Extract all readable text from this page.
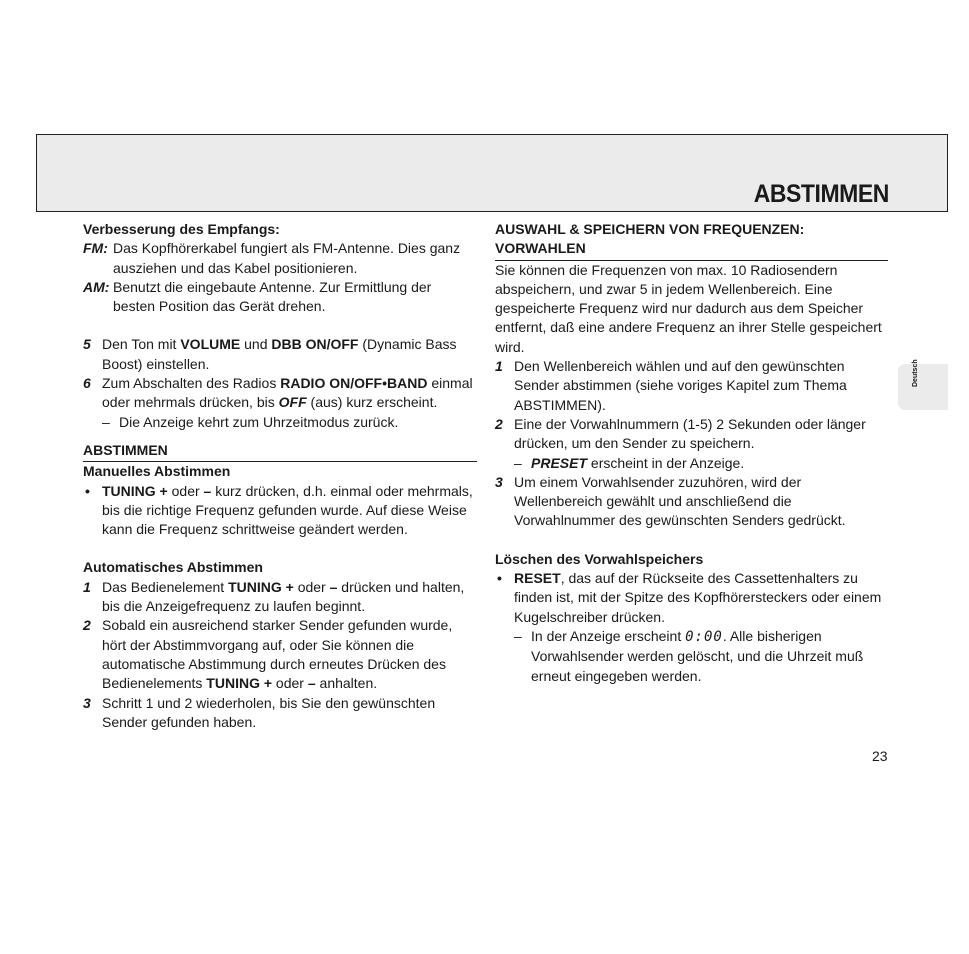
ABSTIMMEN
Deutsch

Verbesserung des Empfangs:

FM: Das Kopfhörerkabel fungiert als FM-Antenne. Dies ganz ausziehen und das Kabel positionieren.

AM: Benutzt die eingebaute Antenne. Zur Ermittlung der besten Position das Gerät drehen.

5 Den Ton mit VOLUME und DBB ON/OFF (Dynamic Bass Boost) einstellen.

6 Zum Abschalten des Radios RADIO ON/OFF•BAND einmal oder mehrmals drücken, bis OFF (aus) kurz erscheint.

– Die Anzeige kehrt zum Uhrzeitmodus zurück.

ABSTIMMEN

Manuelles Abstimmen

• TUNING + oder – kurz drücken, d.h. einmal oder mehrmals, bis die richtige Frequenz gefunden wurde. Auf diese Weise kann die Frequenz schrittweise geändert werden.

Automatisches Abstimmen

1 Das Bedienelement TUNING + oder – drücken und halten, bis die Anzeigefrequenz zu laufen beginnt.

2 Sobald ein ausreichend starker Sender gefunden wurde, hört der Abstimmvorgang auf, oder Sie können die automatische Abstimmung durch erneutes Drücken des Bedienelements TUNING + oder – anhalten.

3 Schritt 1 und 2 wiederholen, bis Sie den gewünschten Sender gefunden haben.

AUSWAHL & SPEICHERN VON FREQUENZEN:

VORWAHLEN

Sie können die Frequenzen von max. 10 Radiosendern abspeichern, und zwar 5 in jedem Wellenbereich. Eine gespeicherte Frequenz wird nur dadurch aus dem Speicher entfernt, daß eine andere Frequenz an ihrer Stelle gespeichert wird.

1 Den Wellenbereich wählen und auf den gewünschten Sender abstimmen (siehe voriges Kapitel zum Thema ABSTIMMEN).

2 Eine der Vorwahlnummern (1-5) 2 Sekunden oder länger drücken, um den Sender zu speichern.

– PRESET erscheint in der Anzeige.

3 Um einem Vorwahlsender zuzuhören, wird der Wellenbereich gewählt und anschließend die Vorwahlnummer des gewünschten Senders gedrückt.

Löschen des Vorwahlspeichers

• RESET, das auf der Rückseite des Cassettenhalters zu finden ist, mit der Spitze des Kopfhörersteckers oder einem Kugelschreiber drücken.

– In der Anzeige erscheint 0:00. Alle bisherigen Vorwahlsender werden gelöscht, und die Uhrzeit muß erneut eingegeben werden.

23
